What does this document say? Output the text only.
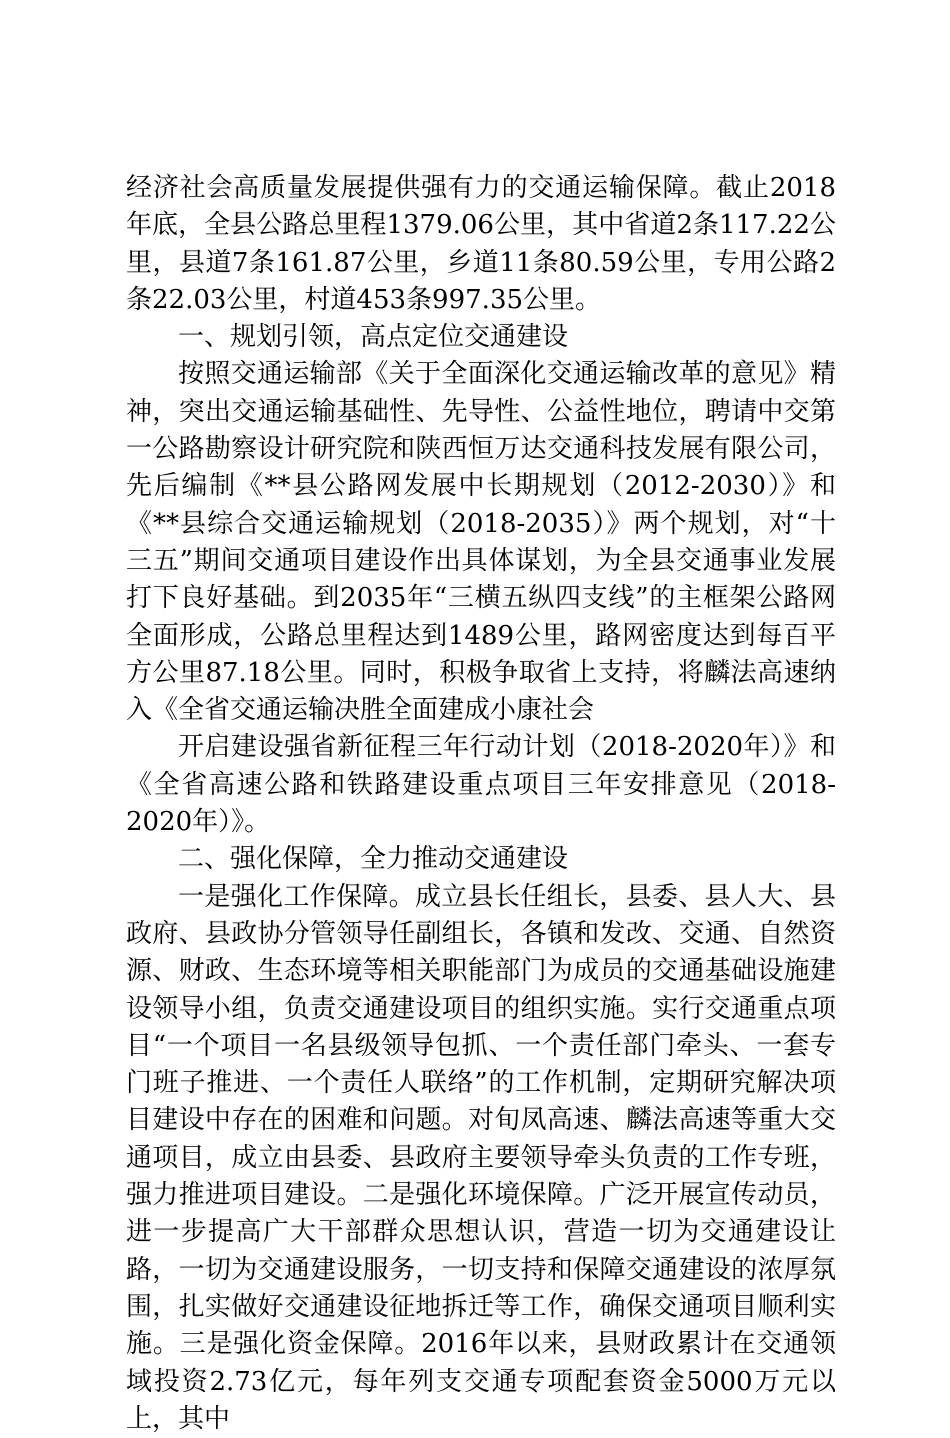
经济社会高质量发展提供强有力的交通运输保障。截止2018年底，全县公路总里程1379.06公里，其中省道2条117.22公里，县道7条161.87公里，乡道11条80.59公里，专用公路2条22.03公里，村道453条997.35公里。

一、规划引领，高点定位交通建设

按照交通运输部《关于全面深化交通运输改革的意见》精神，突出交通运输基础性、先导性、公益性地位，聘请中交第一公路勘察设计研究院和陕西恒万达交通科技发展有限公司，先后编制《**县公路网发展中长期规划（2012-2030）》和《**县综合交通运输规划（2018-2035）》两个规划，对“十三五”期间交通项目建设作出具体谋划，为全县交通事业发展打下良好基础。到2035年“三横五纵四支线”的主框架公路网全面形成，公路总里程达到1489公里，路网密度达到每百平方公里87.18公里。同时，积极争取省上支持，将麟法高速纳入《全省交通运输决胜全面建成小康社会

开启建设强省新征程三年行动计划（2018-2020年）》和《全省高速公路和铁路建设重点项目三年安排意见（2018-2020年）》。

二、强化保障，全力推动交通建设

一是强化工作保障。成立县长任组长，县委、县人大、县政府、县政协分管领导任副组长，各镇和发改、交通、自然资源、财政、生态环境等相关职能部门为成员的交通基础设施建设领导小组，负责交通建设项目的组织实施。实行交通重点项目“一个项目一名县级领导包抓、一个责任部门牵头、一套专门班子推进、一个责任人联络”的工作机制，定期研究解决项目建设中存在的困难和问题。对旬凤高速、麟法高速等重大交通项目，成立由县委、县政府主要领导牵头负责的工作专班，强力推进项目建设。二是强化环境保障。广泛开展宣传动员，进一步提高广大干部群众思想认识，营造一切为交通建设让路，一切为交通建设服务，一切支持和保障交通建设的浓厚氛围，扎实做好交通建设征地拆迁等工作，确保交通项目顺利实施。三是强化资金保障。2016年以来，县财政累计在交通领域投资2.73亿元，每年列支交通专项配套资金5000万元以上，其中
